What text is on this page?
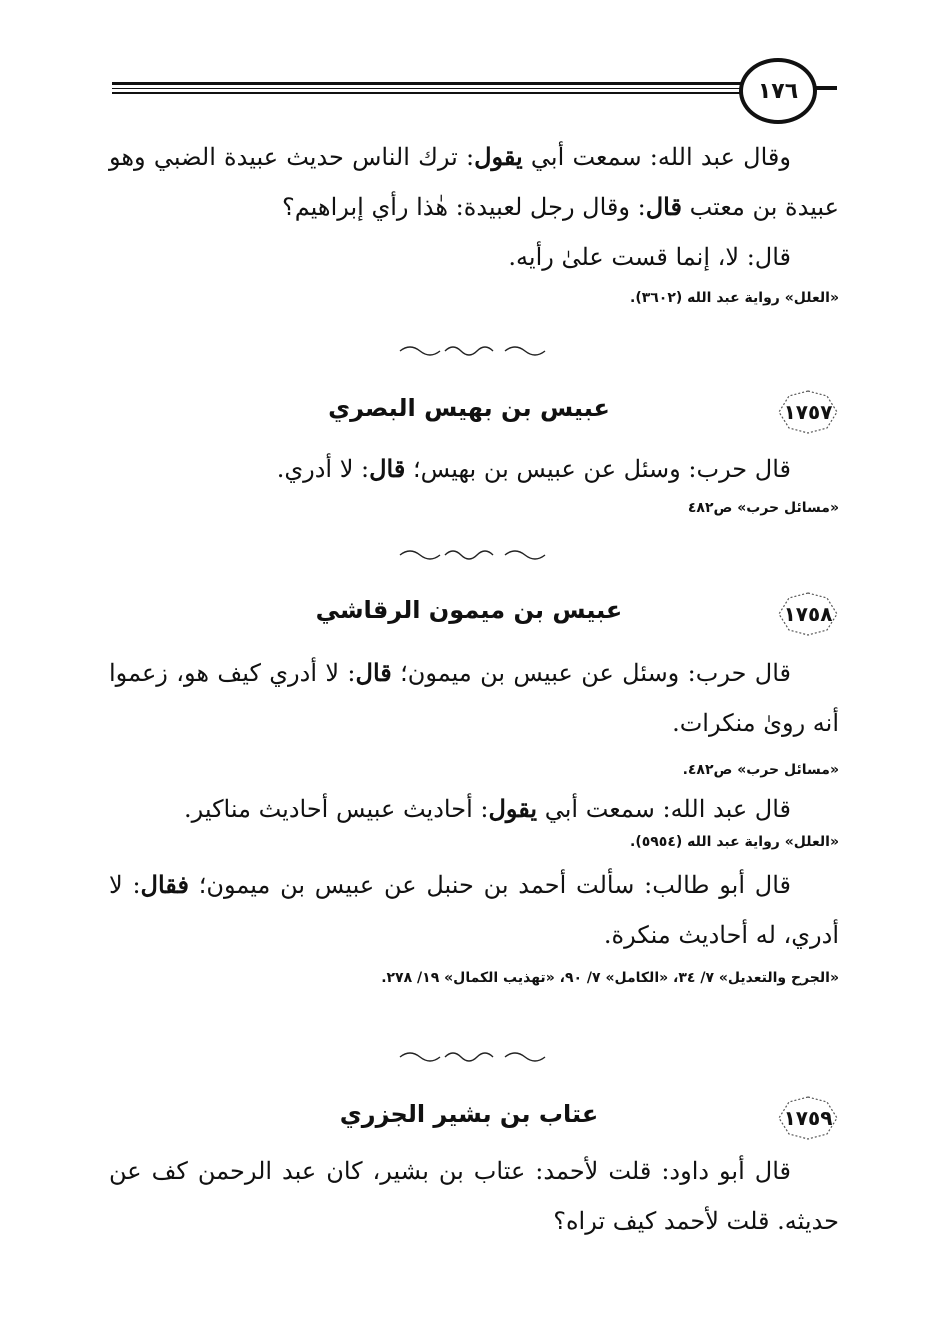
١٧٦
وقال عبد الله: سمعت أبي يقول: ترك الناس حديث عبيدة الضبي وهو عبيدة بن معتب قال: وقال رجل لعبيدة: هٰذا رأي إبراهيم؟
قال: لا، إنما قست علىٰ رأيه.
«العلل» رواية عبد الله (٣٦٠٢).
١٧٥٧
عبيس بن بهيس البصري
قال حرب: وسئل عن عبيس بن بهيس؛ قال: لا أدري.
«مسائل حرب» ص٤٨٢
١٧٥٨
عبيس بن ميمون الرقاشي
قال حرب: وسئل عن عبيس بن ميمون؛ قال: لا أدري كيف هو، زعموا أنه روىٰ منكرات.
«مسائل حرب» ص٤٨٢.
قال عبد الله: سمعت أبي يقول: أحاديث عبيس أحاديث مناكير.
«العلل» رواية عبد الله (٥٩٥٤).
قال أبو طالب: سألت أحمد بن حنبل عن عبيس بن ميمون؛ فقال: لا أدري، له أحاديث منكرة.
«الجرح والتعديل» ٧/ ٣٤، «الكامل» ٧/ ٩٠، «تهذيب الكمال» ١٩/ ٢٧٨.
١٧٥٩
عتاب بن بشير الجزري
قال أبو داود: قلت لأحمد: عتاب بن بشير، كان عبد الرحمن كف عن حديثه. قلت لأحمد كيف تراه؟
